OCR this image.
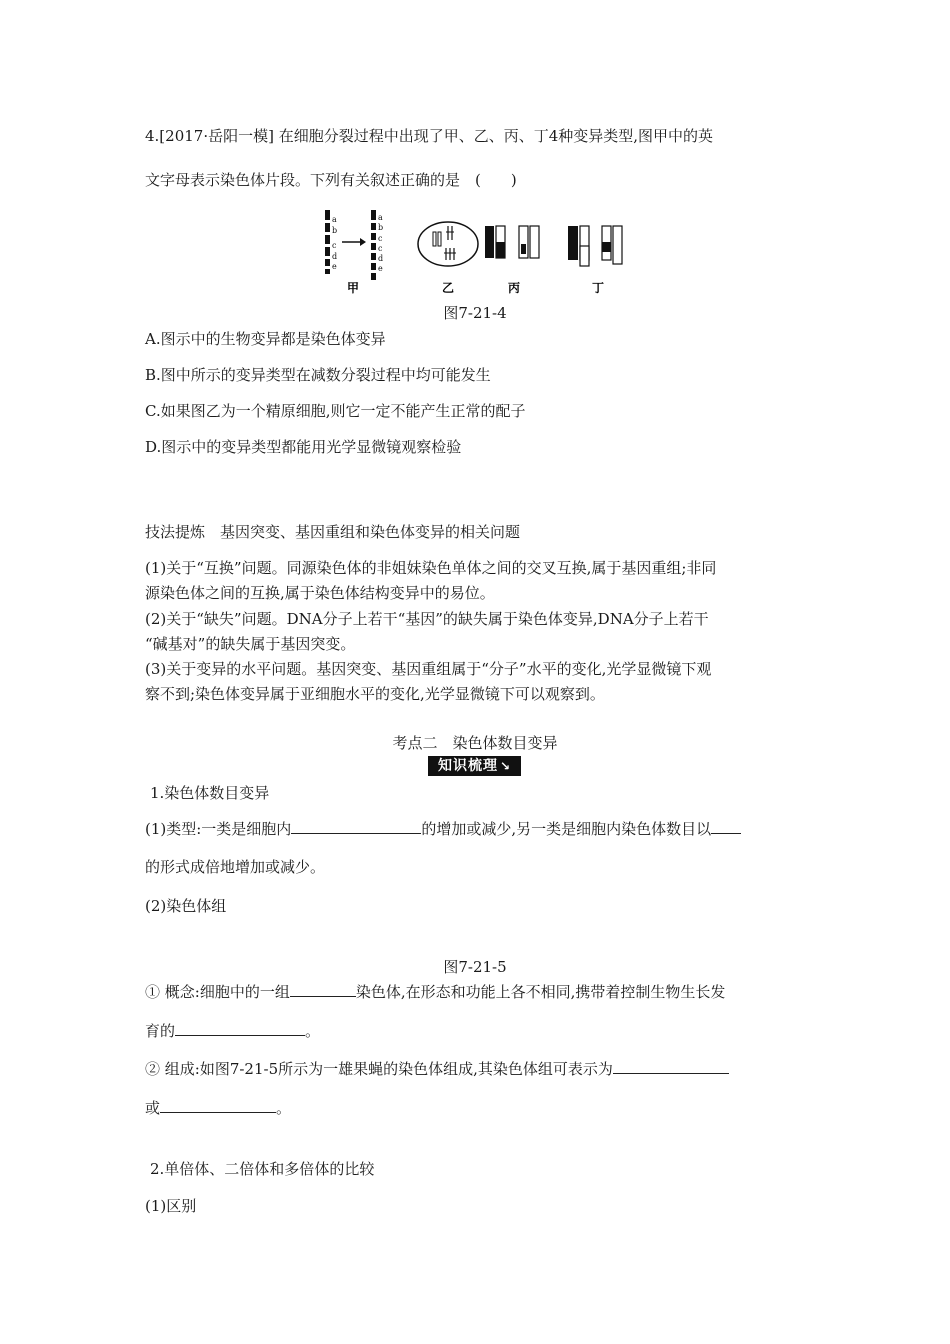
4.[2017·岳阳一模] 在细胞分裂过程中出现了甲、乙、丙、丁4种变异类型,图甲中的英
文字母表示染色体片段。下列有关叙述正确的是　(　　)
a
b
c
d
e
a
b
c
c
d
e
甲	乙	丙	丁
图7-21-4
A.图示中的生物变异都是染色体变异
B.图中所示的变异类型在减数分裂过程中均可能发生
C.如果图乙为一个精原细胞,则它一定不能产生正常的配子
D.图示中的变异类型都能用光学显微镜观察检验
技法提炼　基因突变、基因重组和染色体变异的相关问题
(1)关于“互换”问题。同源染色体的非姐妹染色单体之间的交叉互换,属于基因重组;非同
源染色体之间的互换,属于染色体结构变异中的易位。
(2)关于“缺失”问题。DNA分子上若干“基因”的缺失属于染色体变异,DNA分子上若干
“碱基对”的缺失属于基因突变。
(3)关于变异的水平问题。基因突变、基因重组属于“分子”水平的变化,光学显微镜下观
察不到;染色体变异属于亚细胞水平的变化,光学显微镜下可以观察到。
考点二　染色体数目变异
知识梳理 ↘
1.染色体数目变异
(1)类型:一类是细胞内	的增加或减少,另一类是细胞内染色体数目以
的形式成倍地增加或减少。
(2)染色体组
图7-21-5
① 概念:细胞中的一组	染色体,在形态和功能上各不相同,携带着控制生物生长发
育的	。
② 组成:如图7-21-5所示为一雄果蝇的染色体组成,其染色体组可表示为
或	。
2.单倍体、二倍体和多倍体的比较
(1)区别
